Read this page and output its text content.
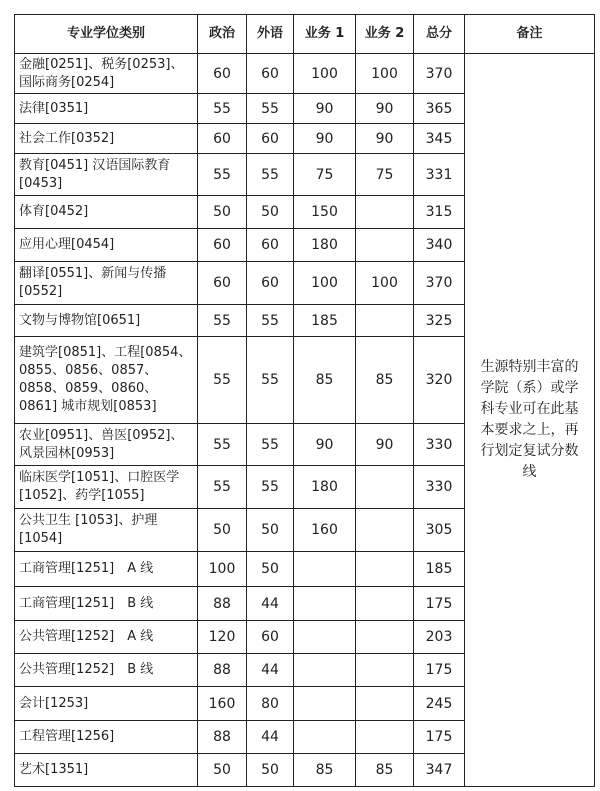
专业学位类别	政治	外语	业务 1	业务 2	总分	备注
金融[0251]、税务[0253]、国际商务[0254]	60	60	100	100	370	生源特别丰富的学院（系）或学科专业可在此基本要求之上，再行划定复试分数线
法律[0351]	55	55	90	90	365	
社会工作[0352]	60	60	90	90	345	
教育[0451] 汉语国际教育[0453]	55	55	75	75	331	
体育[0452]	50	50	150		315	
应用心理[0454]	60	60	180		340	
翻译[0551]、新闻与传播[0552]	60	60	100	100	370	
文物与博物馆[0651]	55	55	185		325	
建筑学[0851]、工程[0854、0855、0856、0857、0858、0859、0860、0861] 城市规划[0853]	55	55	85	85	320	
农业[0951]、兽医[0952]、风景园林[0953]	55	55	90	90	330	
临床医学[1051]、口腔医学[1052]、药学[1055]	55	55	180		330	
公共卫生 [1053]、护理[1054]	50	50	160		305	
工商管理[1251]　A 线	100	50			185	
工商管理[1251]　B 线	88	44			175	
公共管理[1252]　A 线	120	60			203	
公共管理[1252]　B 线	88	44			175	
会计[1253]	160	80			245	
工程管理[1256]	88	44			175	
艺术[1351]	50	50	85	85	347	
